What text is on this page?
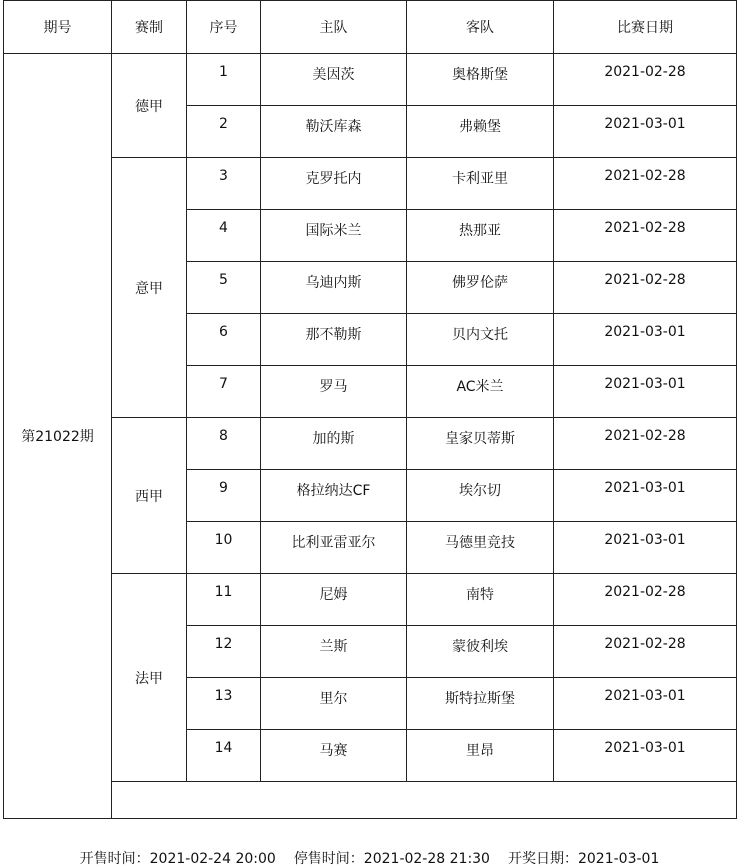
期号	赛制	序号	主队	客队	比赛日期
第21022期	德甲	1	美因茨	奥格斯堡	2021-02-28
		2	勒沃库森	弗赖堡	2021-03-01
	意甲	3	克罗托内	卡利亚里	2021-02-28
		4	国际米兰	热那亚	2021-02-28
		5	乌迪内斯	佛罗伦萨	2021-02-28
		6	那不勒斯	贝内文托	2021-03-01
		7	罗马	AC米兰	2021-03-01
	西甲	8	加的斯	皇家贝蒂斯	2021-02-28
		9	格拉纳达CF	埃尔切	2021-03-01
		10	比利亚雷亚尔	马德里竞技	2021-03-01
	法甲	11	尼姆	南特	2021-02-28
		12	兰斯	蒙彼利埃	2021-02-28
		13	里尔	斯特拉斯堡	2021-03-01
		14	马赛	里昂	2021-03-01

开售时间：2021-02-24 20:00 停售时间：2021-02-28 21:30 开奖日期：2021-03-01
